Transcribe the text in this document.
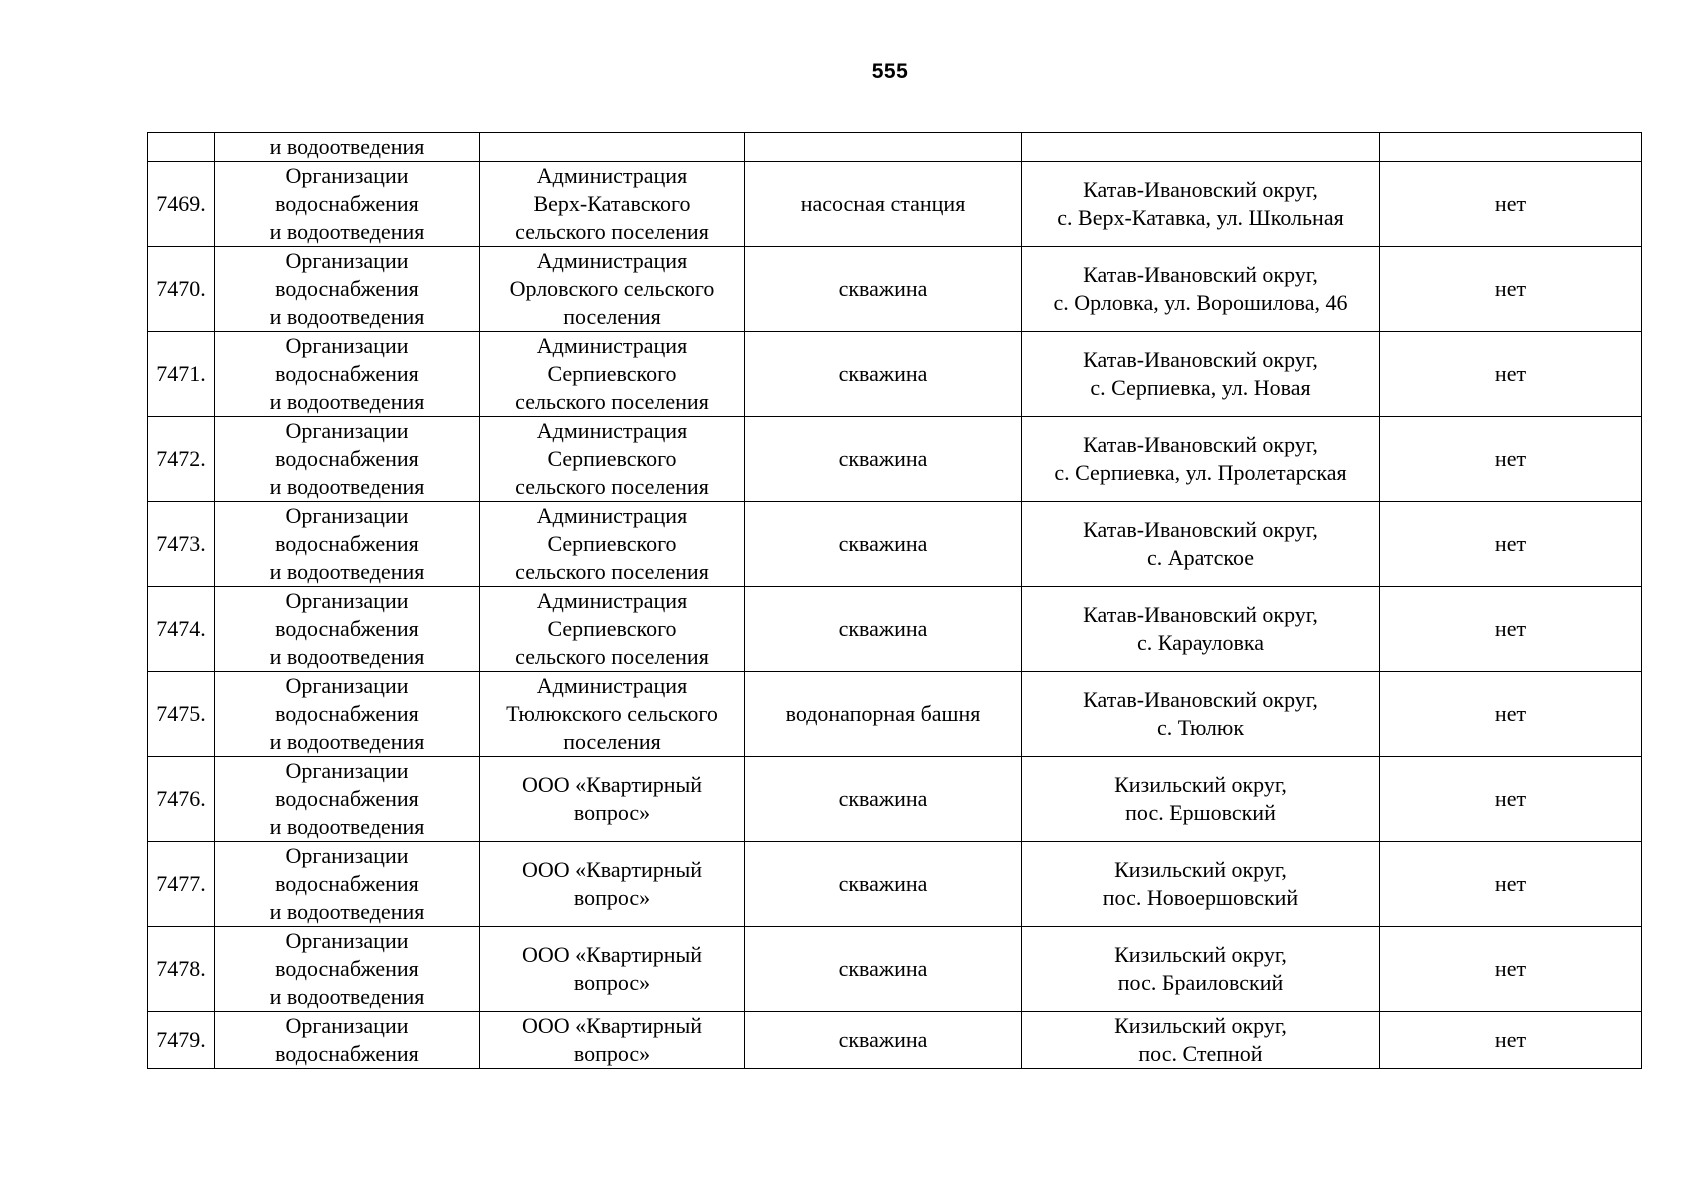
555

	и водоотведения				

7469.	Организации
водоснабжения
и водоотведения	Администрация
Верх-Катавского
сельского поселения	насосная станция	Катав-Ивановский округ,
с. Верх-Катавка, ул. Школьная	нет
7470.	Организации
водоснабжения
и водоотведения	Администрация
Орловского сельского
поселения	скважина	Катав-Ивановский округ,
с. Орловка, ул. Ворошилова, 46	нет
7471.	Организации
водоснабжения
и водоотведения	Администрация
Серпиевского
сельского поселения	скважина	Катав-Ивановский округ,
с. Серпиевка, ул. Новая	нет
7472.	Организации
водоснабжения
и водоотведения	Администрация
Серпиевского
сельского поселения	скважина	Катав-Ивановский округ,
с. Серпиевка, ул. Пролетарская	нет
7473.	Организации
водоснабжения
и водоотведения	Администрация
Серпиевского
сельского поселения	скважина	Катав-Ивановский округ,
с. Аратское	нет
7474.	Организации
водоснабжения
и водоотведения	Администрация
Серпиевского
сельского поселения	скважина	Катав-Ивановский округ,
с. Карауловка	нет
7475.	Организации
водоснабжения
и водоотведения	Администрация
Тюлюкского сельского
поселения	водонапорная башня	Катав-Ивановский округ,
с. Тюлюк	нет
7476.	Организации
водоснабжения
и водоотведения	ООО «Квартирный
вопрос»	скважина	Кизильский округ,
пос. Ершовский	нет
7477.	Организации
водоснабжения
и водоотведения	ООО «Квартирный
вопрос»	скважина	Кизильский округ,
пос. Новоершовский	нет
7478.	Организации
водоснабжения
и водоотведения	ООО «Квартирный
вопрос»	скважина	Кизильский округ,
пос. Браиловский	нет
7479.	Организации
водоснабжения	ООО «Квартирный
вопрос»	скважина	Кизильский округ,
пос. Степной	нет
